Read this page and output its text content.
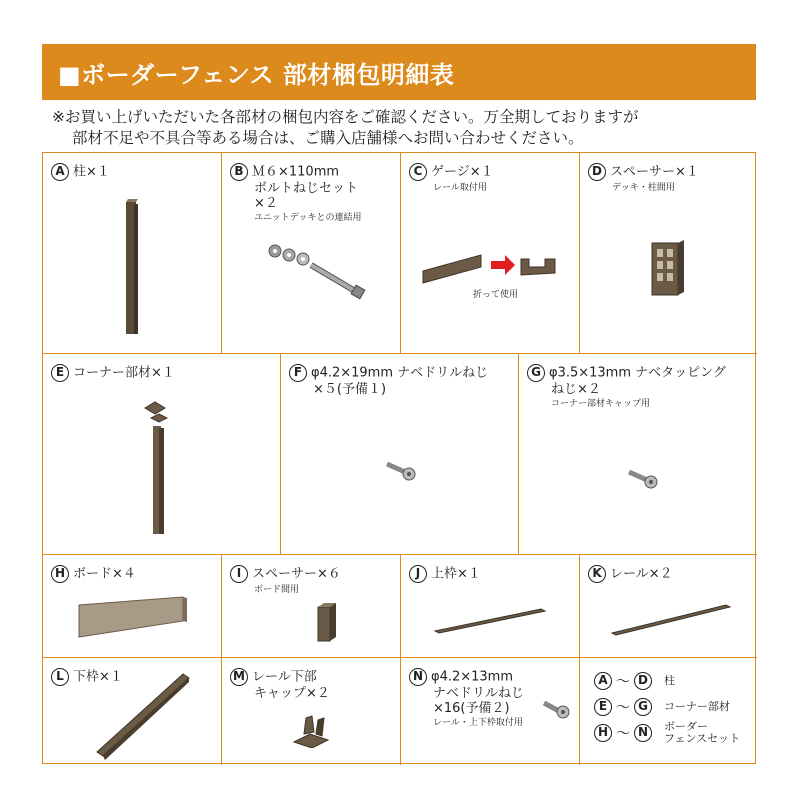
■ボーダーフェンス 部材梱包明細表
※お買い上げいただいた各部材の梱包内容をご確認ください。万全期しておりますが
部材不足や不具合等ある場合は、ご購入店舗様へお問い合わせください。
A 柱×１	B Ｍ６×110mm
ボルトねじセット
×２
ユニットデッキとの連結用
C ゲージ×１
レール取付用
折って使用
D スペーサー×１
デッキ・柱間用
E コーナー部材×１	F φ4.2×19mm ナベドリルねじ
×５(予備１)
G φ3.5×13mm ナベタッピング
ねじ×２
コーナー部材キャップ用
H ボード×４	I スペーサー×６
ボード間用
J 上枠×１	K レール×２
L 下枠×１	M レール下部
キャップ×２
N φ4.2×13mm
ナベドリルねじ
×16(予備２)
レール・上下枠取付用
A ～ D	柱
E ～ G	コーナー部材
H ～ N	ボーダー
フェンスセット
